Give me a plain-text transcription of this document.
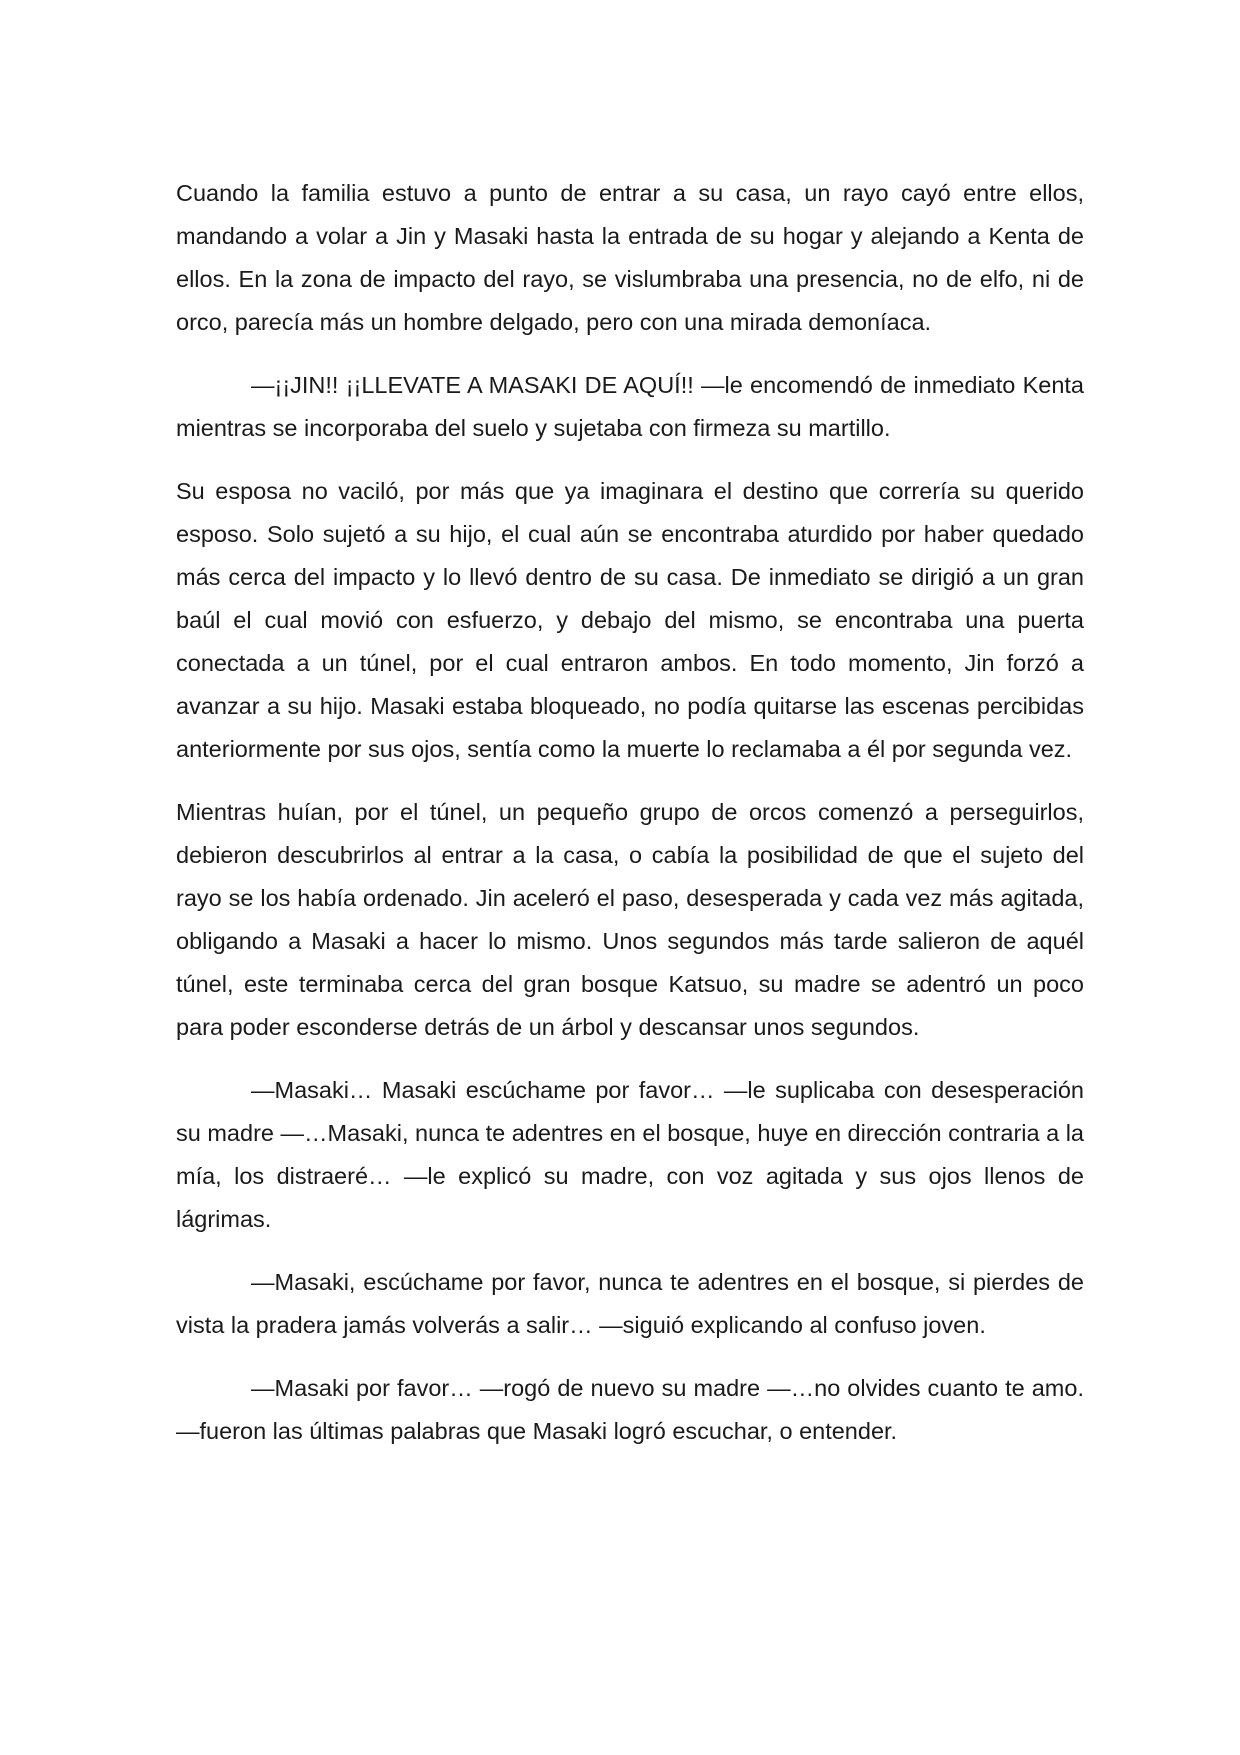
Cuando la familia estuvo a punto de entrar a su casa, un rayo cayó entre ellos, mandando a volar a Jin y Masaki hasta la entrada de su hogar y alejando a Kenta de ellos. En la zona de impacto del rayo, se vislumbraba una presencia, no de elfo, ni de orco, parecía más un hombre delgado, pero con una mirada demoníaca.

—¡¡JIN!! ¡¡LLEVATE A MASAKI DE AQUÍ!! —le encomendó de inmediato Kenta mientras se incorporaba del suelo y sujetaba con firmeza su martillo.

Su esposa no vaciló, por más que ya imaginara el destino que correría su querido esposo. Solo sujetó a su hijo, el cual aún se encontraba aturdido por haber quedado más cerca del impacto y lo llevó dentro de su casa. De inmediato se dirigió a un gran baúl el cual movió con esfuerzo, y debajo del mismo, se encontraba una puerta conectada a un túnel, por el cual entraron ambos. En todo momento, Jin forzó a avanzar a su hijo. Masaki estaba bloqueado, no podía quitarse las escenas percibidas anteriormente por sus ojos, sentía como la muerte lo reclamaba a él por segunda vez.

Mientras huían, por el túnel, un pequeño grupo de orcos comenzó a perseguirlos, debieron descubrirlos al entrar a la casa, o cabía la posibilidad de que el sujeto del rayo se los había ordenado. Jin aceleró el paso, desesperada y cada vez más agitada, obligando a Masaki a hacer lo mismo. Unos segundos más tarde salieron de aquél túnel, este terminaba cerca del gran bosque Katsuo, su madre se adentró un poco para poder esconderse detrás de un árbol y descansar unos segundos.

—Masaki… Masaki escúchame por favor… —le suplicaba con desesperación su madre —…Masaki, nunca te adentres en el bosque, huye en dirección contraria a la mía, los distraeré… —le explicó su madre, con voz agitada y sus ojos llenos de lágrimas.

—Masaki, escúchame por favor, nunca te adentres en el bosque, si pierdes de vista la pradera jamás volverás a salir… —siguió explicando al confuso joven.

—Masaki por favor… —rogó de nuevo su madre —…no olvides cuanto te amo. —fueron las últimas palabras que Masaki logró escuchar, o entender.
